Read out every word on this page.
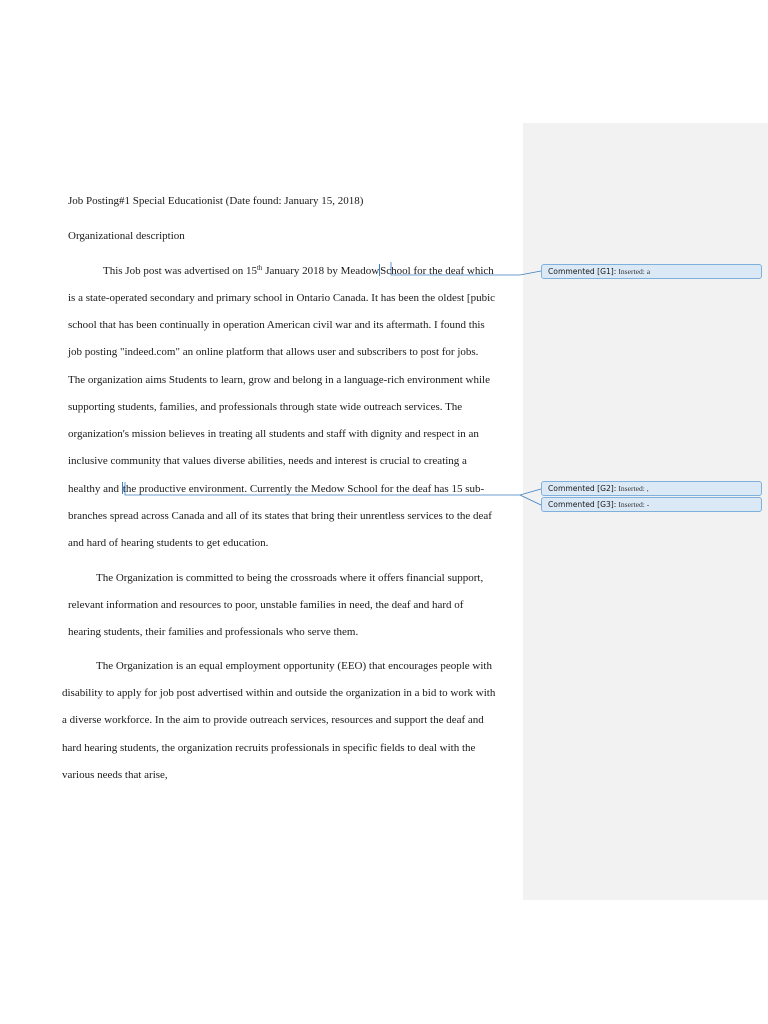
Job Posting#1 Special Educationist (Date found: January 15, 2018)
Organizational description
This Job post was advertised on 15th January 2018 by MeadowSchool for the deaf which
is a state-operated secondary and primary school in Ontario Canada. It has been the oldest [pubic
school that has been continually in operation American civil war and its aftermath. I found this
job posting "indeed.com" an online platform that allows user and subscribers to post for jobs.
The organization aims Students to learn, grow and belong in a language-rich environment while
supporting students, families, and professionals through state wide outreach services. The
organization's mission believes in treating all students and staff with dignity and respect in an
inclusive community that values diverse abilities, needs and interest is crucial to creating a
healthy and the productive environment. Currently the Medow School for the deaf has 15 sub-
branches spread across Canada and all of its states that bring their unrentless services to the deaf
and hard of hearing students to get education.
The Organization is committed to being the crossroads where it offers financial support,
relevant information and resources to poor, unstable families in need, the deaf and hard of
hearing students, their families and professionals who serve them.
The Organization is an equal employment opportunity (EEO) that encourages people with
disability to apply for job post advertised within and outside the organization in a bid to work with
a diverse workforce. In the aim to provide outreach services, resources and support the deaf and
hard hearing students, the organization recruits professionals in specific fields to deal with the
various needs that arise,
Commented [G1]: Inserted: a
Commented [G2]: Inserted: ,
Commented [G3]: Inserted: -
